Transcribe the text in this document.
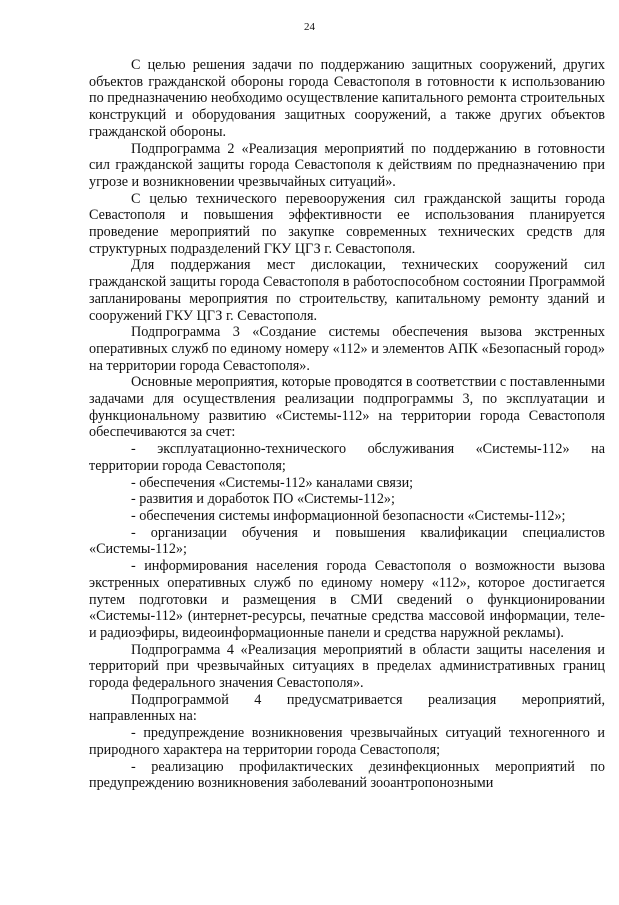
24

С целью решения задачи по поддержанию защитных сооружений, других объектов гражданской обороны города Севастополя в готовности к использованию по предназначению необходимо осуществление капитального ремонта строительных конструкций и оборудования защитных сооружений, а также других объектов гражданской обороны.

Подпрограмма 2 «Реализация мероприятий по поддержанию в готовности сил гражданской защиты города Севастополя к действиям по предназначению при угрозе и возникновении чрезвычайных ситуаций».

С целью технического перевооружения сил гражданской защиты города Севастополя и повышения эффективности ее использования планируется проведение мероприятий по закупке современных технических средств для структурных подразделений ГКУ ЦГЗ г. Севастополя.

Для поддержания мест дислокации, технических сооружений сил гражданской защиты города Севастополя в работоспособном состоянии Программой запланированы мероприятия по строительству, капитальному ремонту зданий и сооружений ГКУ ЦГЗ г. Севастополя.

Подпрограмма 3 «Создание системы обеспечения вызова экстренных оперативных служб по единому номеру «112» и элементов АПК «Безопасный город» на территории города Севастополя».

Основные мероприятия, которые проводятся в соответствии с поставленными задачами для осуществления реализации подпрограммы 3, по эксплуатации и функциональному развитию «Системы-112» на территории города Севастополя обеспечиваются за счет:

- эксплуатационно-технического обслуживания «Системы-112» на территории города Севастополя;

- обеспечения «Системы-112» каналами связи;

- развития и доработок ПО «Системы-112»;

- обеспечения системы информационной безопасности «Системы-112»;

- организации обучения и повышения квалификации специалистов «Системы-112»;

- информирования населения города Севастополя о возможности вызова экстренных оперативных служб по единому номеру «112», которое достигается путем подготовки и размещения в СМИ сведений о функционировании «Системы-112» (интернет-ресурсы, печатные средства массовой информации, теле- и радиоэфиры, видеоинформационные панели и средства наружной рекламы).

Подпрограмма 4 «Реализация мероприятий в области защиты населения и территорий при чрезвычайных ситуациях в пределах административных границ города федерального значения Севастополя».

Подпрограммой 4 предусматривается реализация мероприятий, направленных на:

- предупреждение возникновения чрезвычайных ситуаций техногенного и природного характера на территории города Севастополя;

- реализацию профилактических дезинфекционных мероприятий по предупреждению возникновения заболеваний зооантропонозными
